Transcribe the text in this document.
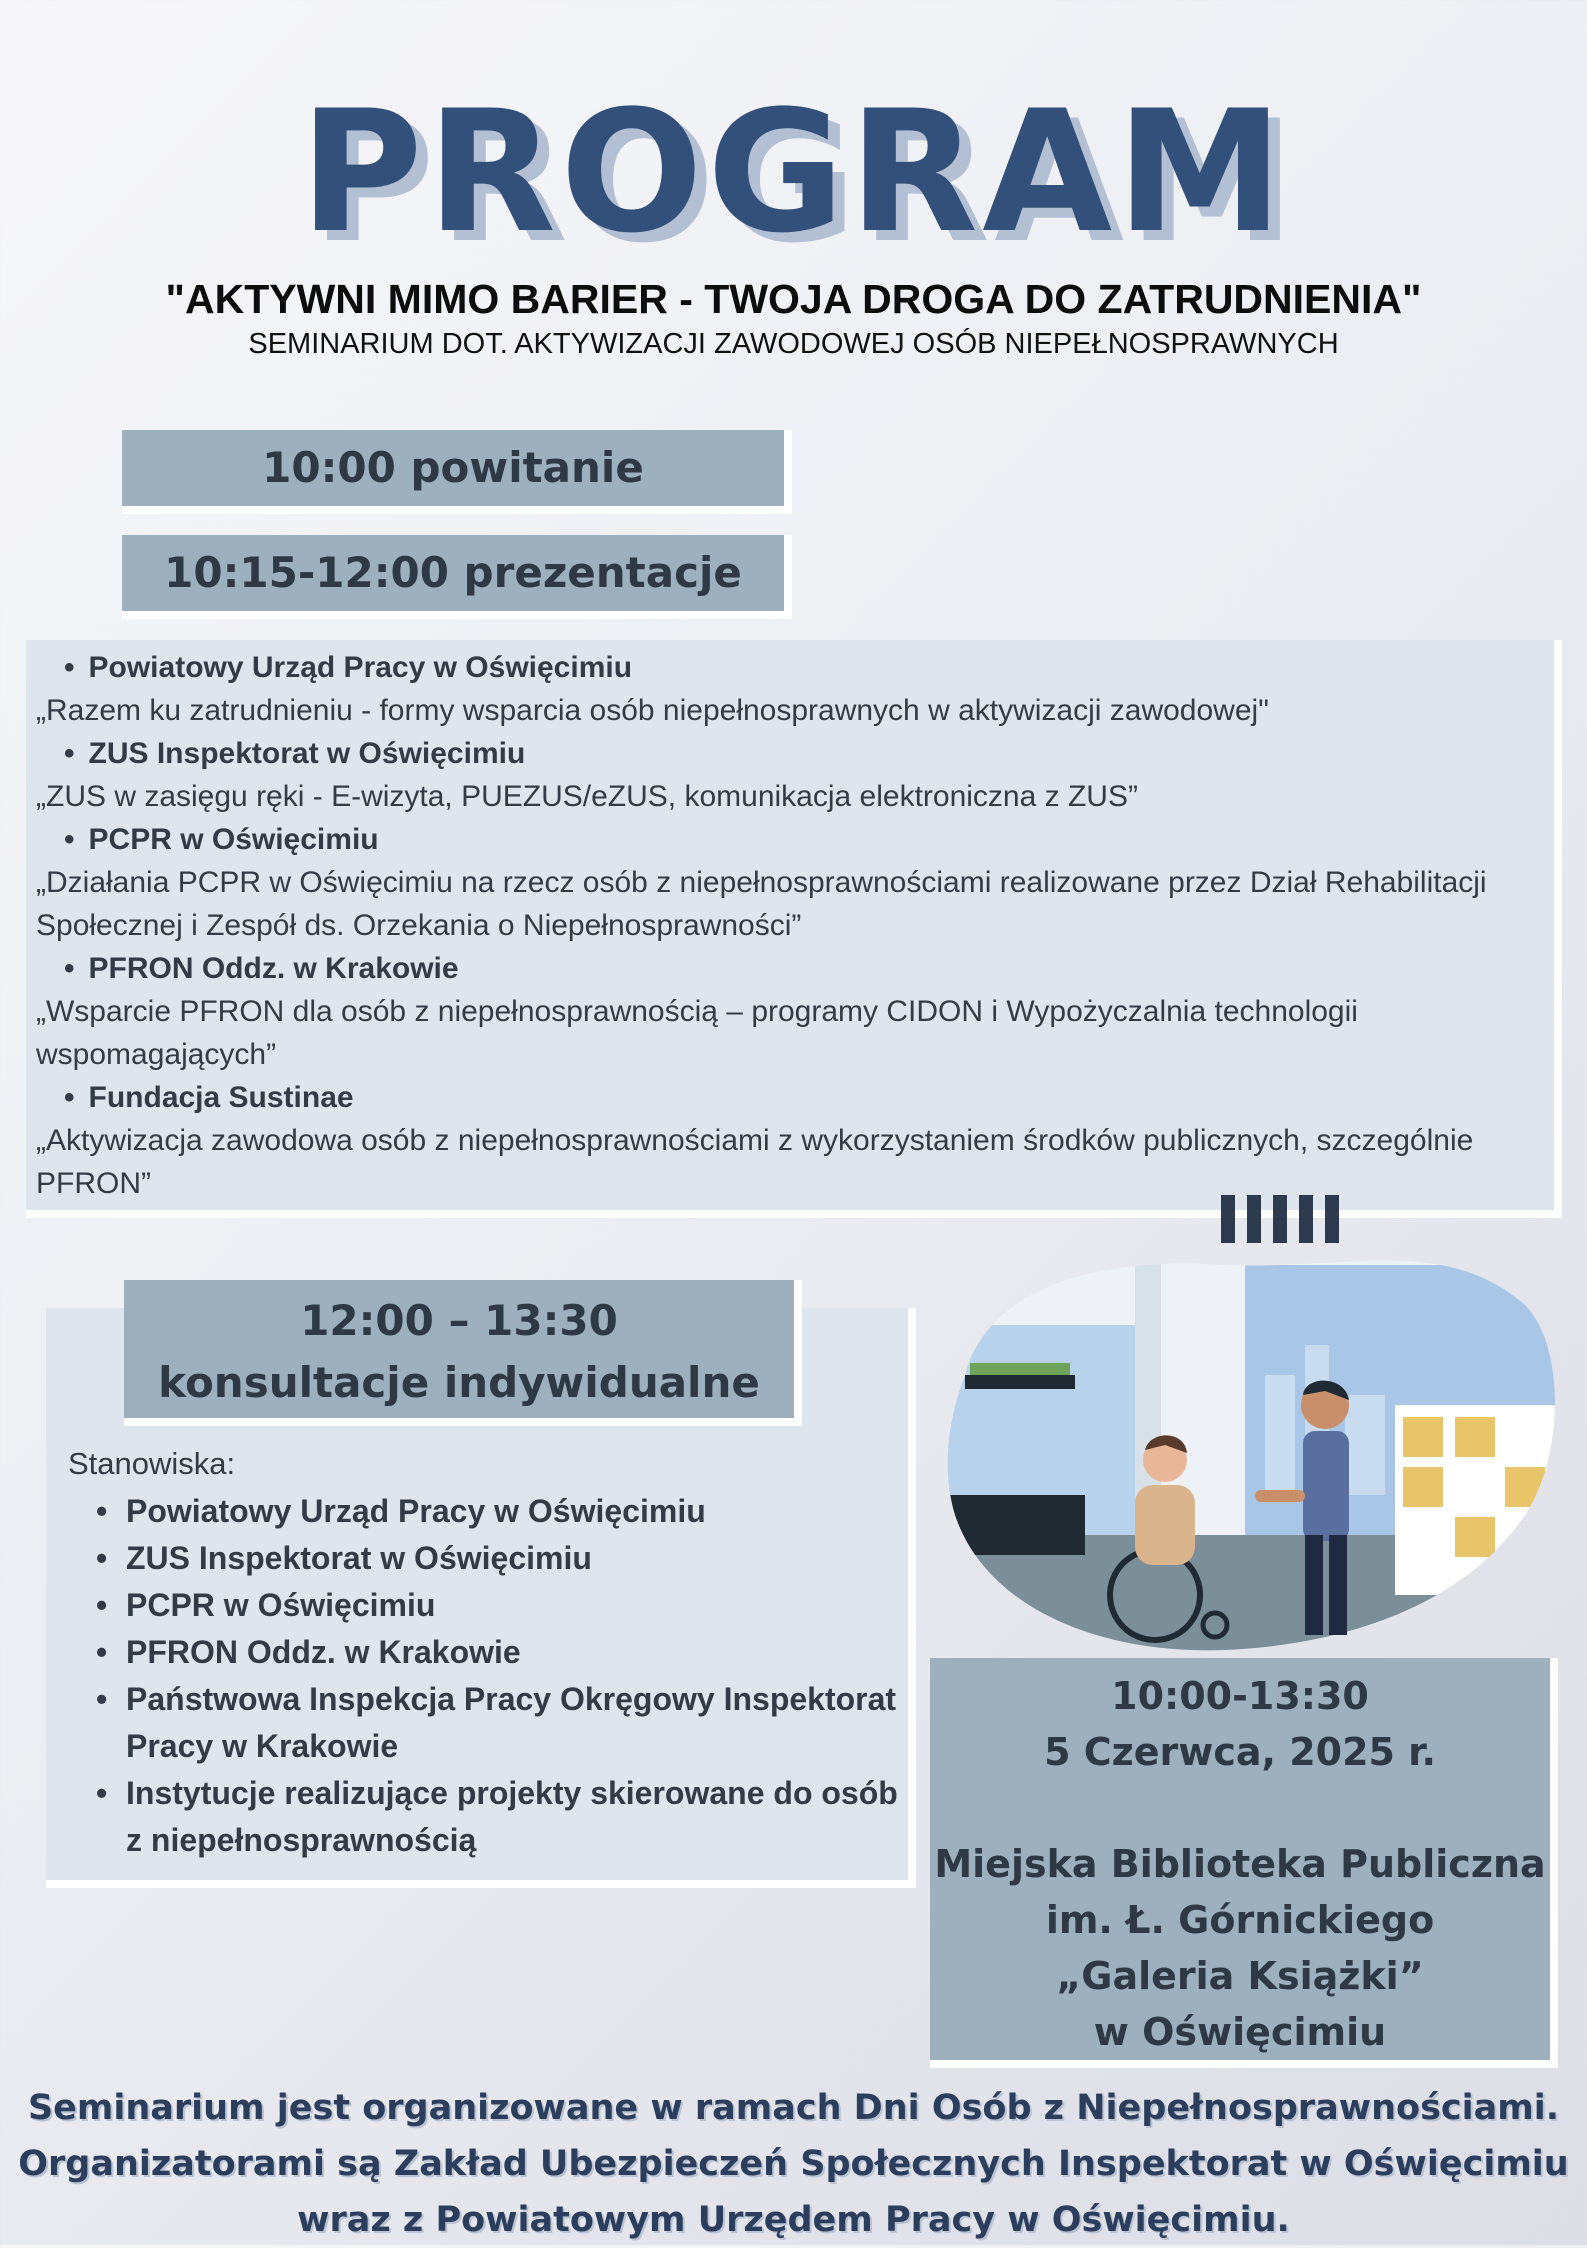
PROGRAM
"AKTYWNI MIMO BARIER - TWOJA DROGA DO ZATRUDNIENIA"
SEMINARIUM DOT. AKTYWIZACJI ZAWODOWEJ OSÓB NIEPEŁNOSPRAWNYCH
10:00 powitanie
10:15-12:00 prezentacje
• Powiatowy Urząd Pracy w Oświęcimiu
„Razem ku zatrudnieniu - formy wsparcia osób niepełnosprawnych w aktywizacji zawodowej"
• ZUS Inspektorat w Oświęcimiu
„ZUS w zasięgu ręki - E-wizyta, PUEZUS/eZUS, komunikacja elektroniczna z ZUS”
• PCPR w Oświęcimiu
„Działania PCPR w Oświęcimiu na rzecz osób z niepełnosprawnościami realizowane przez Dział Rehabilitacji Społecznej i Zespół ds. Orzekania o Niepełnosprawności”
• PFRON Oddz. w Krakowie
„Wsparcie PFRON dla osób z niepełnosprawnością – programy CIDON i Wypożyczalnia technologii wspomagających”
• Fundacja Sustinae
„Aktywizacja zawodowa osób z niepełnosprawnościami z wykorzystaniem środków publicznych, szczególnie PFRON”
12:00 – 13:30
konsultacje indywidualne
Stanowiska:
• Powiatowy Urząd Pracy w Oświęcimiu
• ZUS Inspektorat w Oświęcimiu
• PCPR w Oświęcimiu
• PFRON Oddz. w Krakowie
• Państwowa Inspekcja Pracy Okręgowy Inspektorat Pracy w Krakowie
• Instytucje realizujące projekty skierowane do osób z niepełnosprawnością
10:00-13:30
5 Czerwca, 2025 r.
Miejska Biblioteka Publiczna
im. Ł. Górnickiego
„Galeria Książki”
w Oświęcimiu
Seminarium jest organizowane w ramach Dni Osób z Niepełnosprawnościami.
Organizatorami są Zakład Ubezpieczeń Społecznych Inspektorat w Oświęcimiu
wraz z Powiatowym Urzędem Pracy w Oświęcimiu.
